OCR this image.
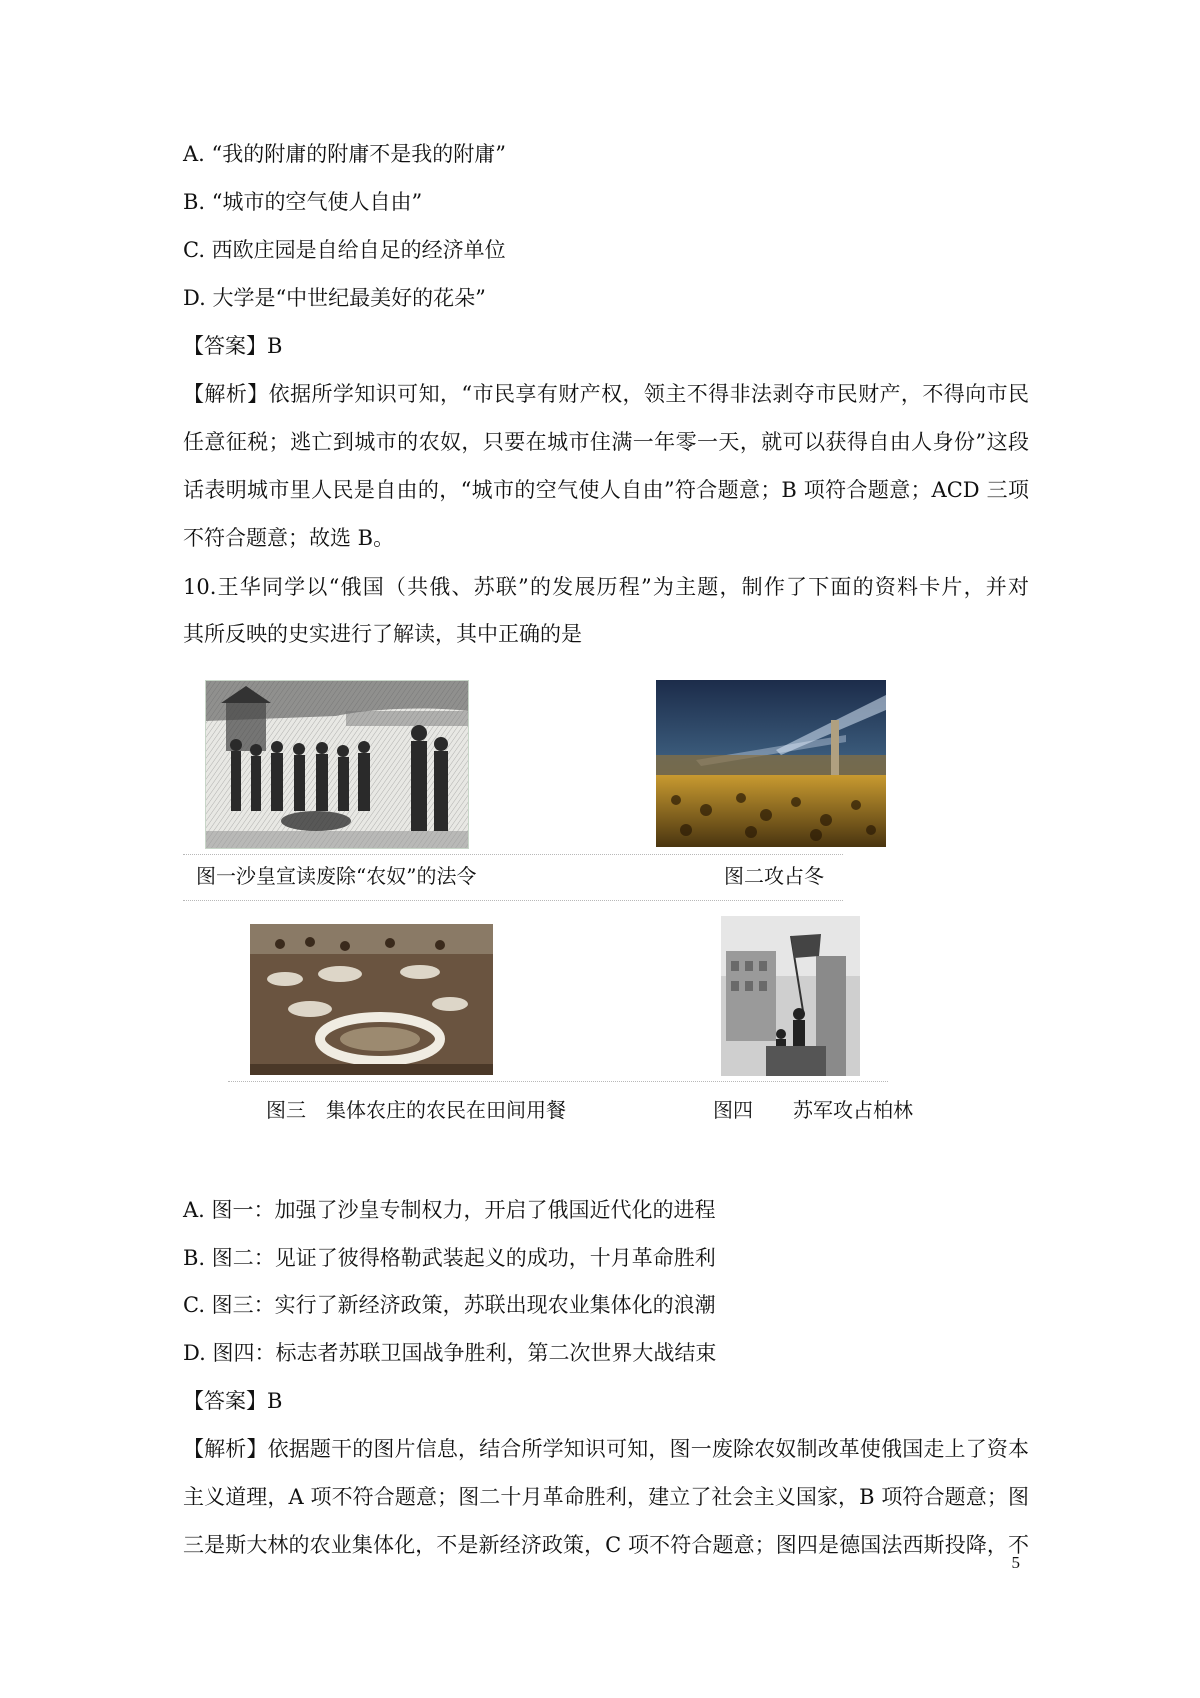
A. “我的附庸的附庸不是我的附庸”
B. “城市的空气使人自由”
C. 西欧庄园是自给自足的经济单位
D. 大学是“中世纪最美好的花朵”
【答案】B
【解析】依据所学知识可知，“市民享有财产权，领主不得非法剥夺市民财产，不得向市民
任意征税；逃亡到城市的农奴，只要在城市住满一年零一天，就可以获得自由人身份”这段
话表明城市里人民是自由的，“城市的空气使人自由”符合题意；B 项符合题意；ACD 三项
不符合题意；故选 B。
10.王华同学以“俄国（共俄、苏联”的发展历程”为主题，制作了下面的资料卡片，并对
其所反映的史实进行了解读，其中正确的是
图一沙皇宣读废除“农奴”的法令	图二攻占冬
图三　集体农庄的农民在田间用餐	图四　　苏军攻占柏林
A. 图一：加强了沙皇专制权力，开启了俄国近代化的进程
B. 图二：见证了彼得格勒武装起义的成功，十月革命胜利
C. 图三：实行了新经济政策，苏联出现农业集体化的浪潮
D. 图四：标志者苏联卫国战争胜利，第二次世界大战结束
【答案】B
【解析】依据题干的图片信息，结合所学知识可知，图一废除农奴制改革使俄国走上了资本
主义道理，A 项不符合题意；图二十月革命胜利，建立了社会主义国家，B 项符合题意；图
三是斯大林的农业集体化，不是新经济政策，C 项不符合题意；图四是德国法西斯投降，不
5
